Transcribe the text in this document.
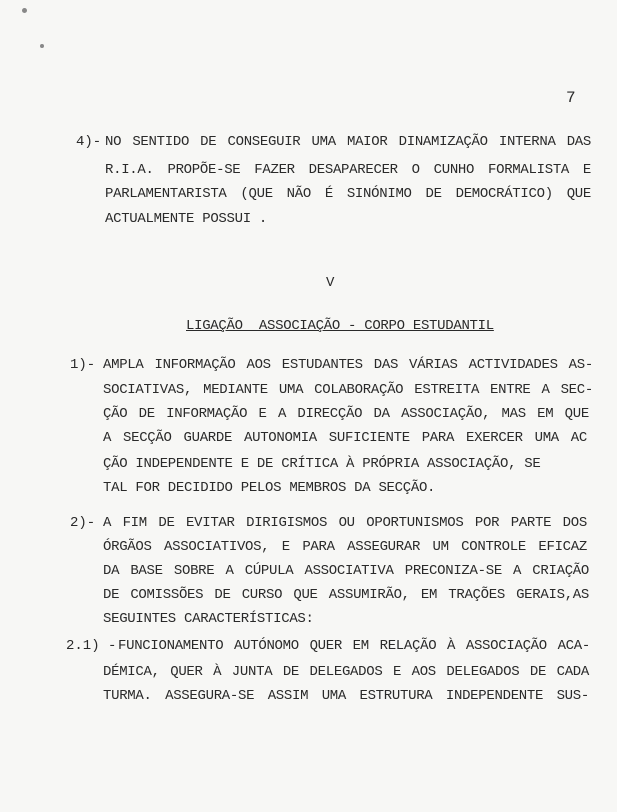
7
4)- NO SENTIDO DE CONSEGUIR UMA MAIOR DINAMIZAÇÃO INTERNA DAS
R.I.A. PROPÕE-SE FAZER DESAPARECER O CUNHO FORMALISTA E
PARLAMENTARISTA (QUE NÃO É SINÓNIMO DE DEMOCRÁTICO) QUE
ACTUALMENTE POSSUI .
V
LIGAÇÃO  ASSOCIAÇÃO - CORPO ESTUDANTIL
1)- AMPLA INFORMAÇÃO AOS ESTUDANTES DAS VÁRIAS ACTIVIDADES AS-
SOCIATIVAS, MEDIANTE UMA COLABORAÇÃO ESTREITA ENTRE A SEC-
ÇÃO DE INFORMAÇÃO E A DIRECÇÃO DA ASSOCIAÇÃO, MAS EM QUE
A SECÇÃO GUARDE AUTONOMIA SUFICIENTE PARA EXERCER UMA AC
ÇÃO INDEPENDENTE E DE CRÍTICA À PRÓPRIA ASSOCIAÇÃO, SE
TAL FOR DECIDIDO PELOS MEMBROS DA SECÇÃO.
2)- A FIM DE EVITAR DIRIGISMOS OU OPORTUNISMOS POR PARTE DOS
ÓRGÃOS ASSOCIATIVOS, E PARA ASSEGURAR UM CONTROLE EFICAZ
DA BASE SOBRE A CÚPULA ASSOCIATIVA PRECONIZA-SE A CRIAÇÃO
DE COMISSÕES DE CURSO QUE ASSUMIRÃO, EM TRAÇÕES GERAIS,AS
SEGUINTES CARACTERÍSTICAS:
2.1) - FUNCIONAMENTO AUTÓNOMO QUER EM RELAÇÃO À ASSOCIAÇÃO ACA-
DÉMICA, QUER À JUNTA DE DELEGADOS E AOS DELEGADOS DE CADA
TURMA. ASSEGURA-SE ASSIM UMA ESTRUTURA INDEPENDENTE SUS-
